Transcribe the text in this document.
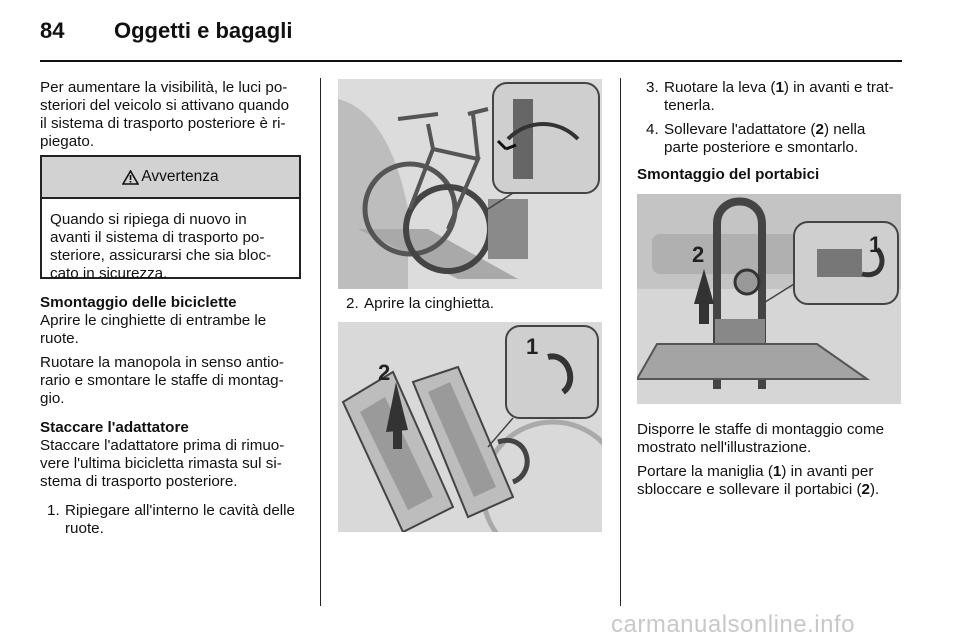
84 Oggetti e bagagli

Per aumentare la visibilità, le luci po-

steriori del veicolo si attivano quando

il sistema di trasporto posteriore è ri-

piegato.

Avvertenza

Quando si ripiega di nuovo in

avanti il sistema di trasporto po-

steriore, assicurarsi che sia bloc-

cato in sicurezza.

Smontaggio delle biciclette

Aprire le cinghiette di entrambe le

ruote.

Ruotare la manopola in senso antio-

rario e smontare le staffe di montag-

gio.

Staccare l'adattatore

Staccare l'adattatore prima di rimuo-

vere l'ultima bicicletta rimasta sul si-

stema di trasporto posteriore.

1. Ripiegare all'interno le cavità delle
ruote.
2. Aprire la cinghietta.
1
2
3. Ruotare la leva (1) in avanti e trat-
tenerla.
4. Sollevare l'adattatore (2) nella
parte posteriore e smontarlo.
Smontaggio del portabici
1
2

Disporre le staffe di montaggio come

mostrato nell'illustrazione.

Portare la maniglia (1) in avanti per

sbloccare e sollevare il portabici (2).

carmanualsonline.info
